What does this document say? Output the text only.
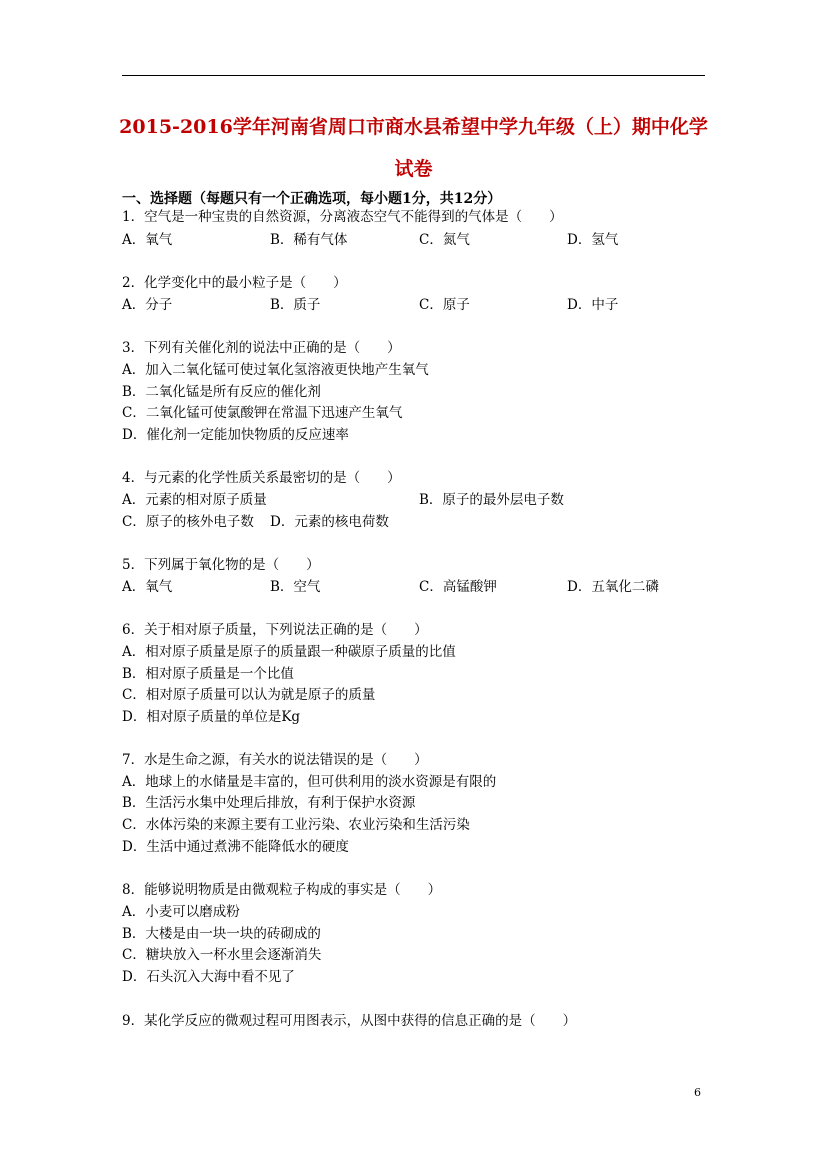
2015-2016学年河南省周口市商水县希望中学九年级（上）期中化学
试卷
一、选择题（每题只有一个正确选项，每小题1分，共12分）
1．空气是一种宝贵的自然资源，分离液态空气不能得到的气体是（　　）
A．氧气	B．稀有气体	C．氮气	D．氢气
2．化学变化中的最小粒子是（　　）
A．分子	B．质子	C．原子	D．中子
3．下列有关催化剂的说法中正确的是（　　）
A．加入二氧化锰可使过氧化氢溶液更快地产生氧气
B．二氧化锰是所有反应的催化剂
C．二氧化锰可使氯酸钾在常温下迅速产生氧气
D．催化剂一定能加快物质的反应速率
4．与元素的化学性质关系最密切的是（　　）
A．元素的相对原子质量	B．原子的最外层电子数
C．原子的核外电子数 D．元素的核电荷数
5．下列属于氧化物的是（　　）
A．氧气	B．空气	C．高锰酸钾	D．五氧化二磷
6．关于相对原子质量，下列说法正确的是（　　）
A．相对原子质量是原子的质量跟一种碳原子质量的比值
B．相对原子质量是一个比值
C．相对原子质量可以认为就是原子的质量
D．相对原子质量的单位是Kg
7．水是生命之源，有关水的说法错误的是（　　）
A．地球上的水储量是丰富的，但可供利用的淡水资源是有限的
B．生活污水集中处理后排放，有利于保护水资源
C．水体污染的来源主要有工业污染、农业污染和生活污染
D．生活中通过煮沸不能降低水的硬度
8．能够说明物质是由微观粒子构成的事实是（　　）
A．小麦可以磨成粉
B．大楼是由一块一块的砖砌成的
C．糖块放入一杯水里会逐渐消失
D．石头沉入大海中看不见了
9．某化学反应的微观过程可用图表示，从图中获得的信息正确的是（　　）
6
